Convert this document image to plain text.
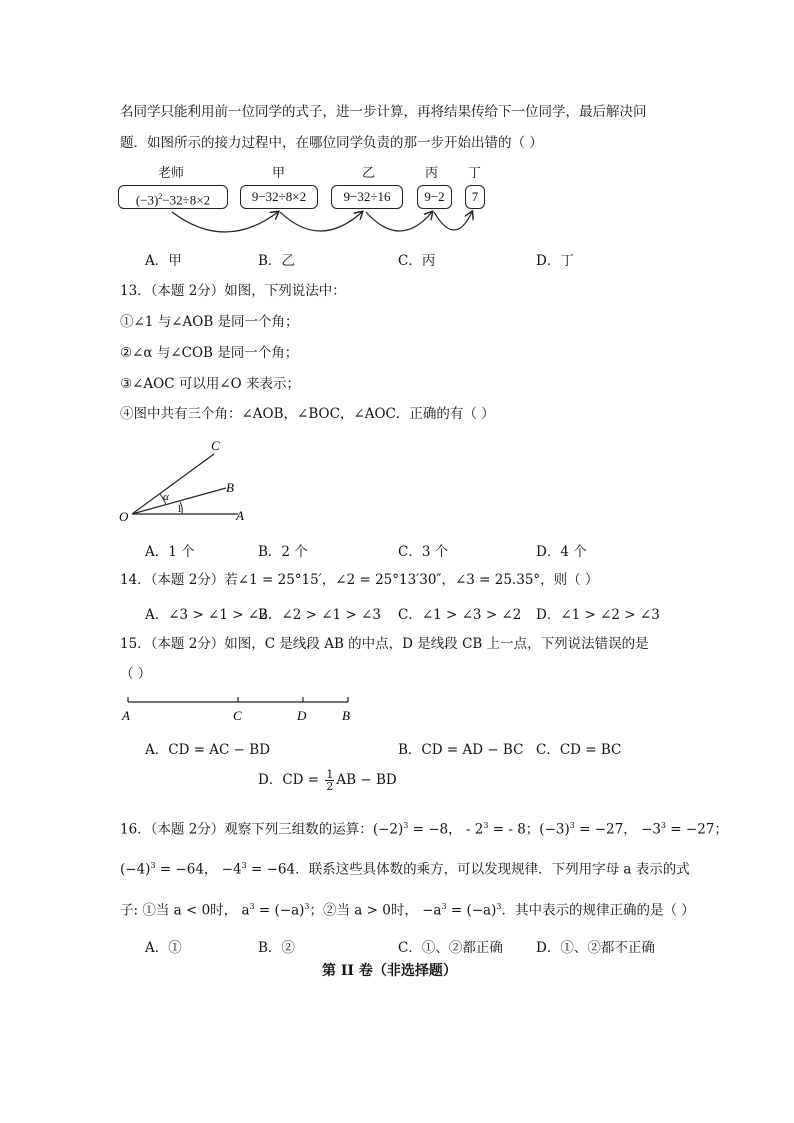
名同学只能利用前一位同学的式子，进一步计算，再将结果传给下一位同学，最后解决问
题．如图所示的接力过程中，在哪位同学负责的那一步开始出错的（ ）
老师	甲	乙	丙 丁
$(-3)^2-32\div 8\times 2$	9−32÷8×2	9−32÷16	9−2	7
A．甲	B．乙	C．丙	D．丁
13．（本题 2分）如图，下列说法中：
①∠1 与∠AOB 是同一个角；
②∠α 与∠COB 是同一个角；
③∠AOC 可以用∠O 来表示；
④图中共有三个角：∠AOB，∠BOC，∠AOC．正确的有（ ）
O	A
B
C
α
1
A．1 个	B．2 个	C．3 个	D．4 个
14．（本题 2分）若∠1 = 25°15′，∠2 = 25°13′30″，∠3 = 25.35°，则（ ）
A．∠3 > ∠1 > ∠2
B．∠2 > ∠1 > ∠3 C．∠1 > ∠3 > ∠2 D．∠1 > ∠2 > ∠3
15．（本题 2分）如图，C 是线段 AB 的中点，D 是线段 CB 上一点，下列说法错误的是
（ ）
A	C	D	B
A．CD = AC − BD	B．CD = AD − BC C．CD = BC
D．CD = $\frac{1}{2}$ AB − BD
16．（本题 2分）观察下列三组数的运算：$(-2)^3 = -8$， - $2^3$ = - 8；$(-3)^3 = -27$， $-3^3 = -27$；
$(-4)^3 = -64$， $-4^3 = -64$．联系这些具体数的乘方，可以发现规律．下列用字母 a 表示的式
子: ①当 a < 0时， $a^3 = (-a)^3$；②当 a > 0时， $-a^3 = (-a)^3$．其中表示的规律正确的是（ ）
A．①	B．②	C．①、②都正确 D．①、②都不正确
第 II 卷（非选择题）
